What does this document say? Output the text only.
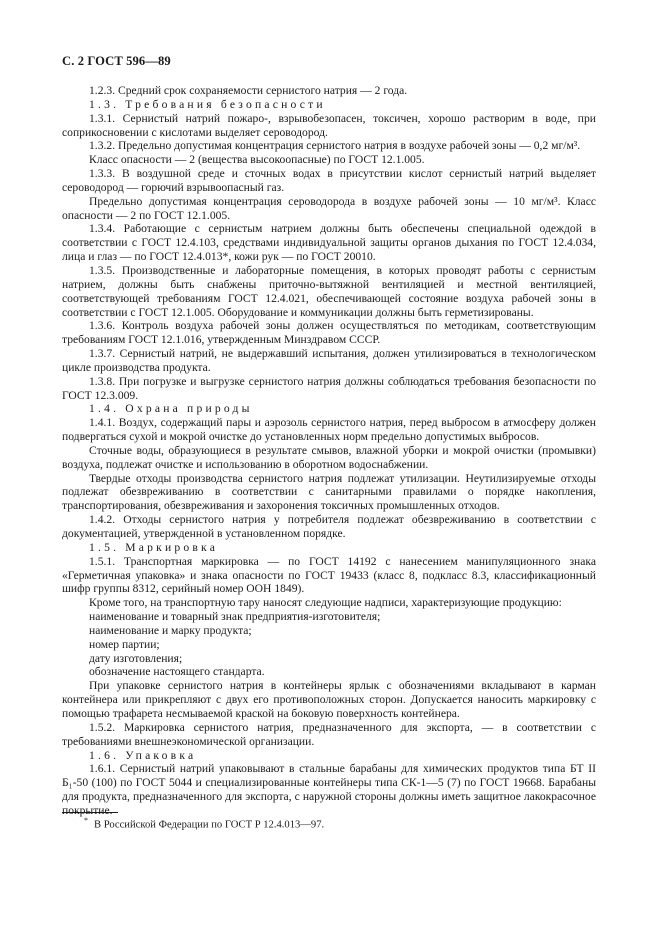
С. 2 ГОСТ 596—89

1.2.3. Средний срок сохраняемости сернистого натрия — 2 года.

1.3. Требования безопасности

1.3.1. Сернистый натрий пожаро-, взрывобезопасен, токсичен, хорошо растворим в воде, при соприкосновении с кислотами выделяет сероводород.

1.3.2. Предельно допустимая концентрация сернистого натрия в воздухе рабочей зоны — 0,2 мг/м³.

Класс опасности — 2 (вещества высокоопасные) по ГОСТ 12.1.005.

1.3.3. В воздушной среде и сточных водах в присутствии кислот сернистый натрий выделяет сероводород — горючий взрывоопасный газ.

Предельно допустимая концентрация сероводорода в воздухе рабочей зоны — 10 мг/м³. Класс опасности — 2 по ГОСТ 12.1.005.

1.3.4. Работающие с сернистым натрием должны быть обеспечены специальной одеждой в соответствии с ГОСТ 12.4.103, средствами индивидуальной защиты органов дыхания по ГОСТ 12.4.034, лица и глаз — по ГОСТ 12.4.013*, кожи рук — по ГОСТ 20010.

1.3.5. Производственные и лабораторные помещения, в которых проводят работы с сернистым натрием, должны быть снабжены приточно-вытяжной вентиляцией и местной вентиляцией, соответствующей требованиям ГОСТ 12.4.021, обеспечивающей состояние воздуха рабочей зоны в соответствии с ГОСТ 12.1.005. Оборудование и коммуникации должны быть герметизированы.

1.3.6. Контроль воздуха рабочей зоны должен осуществляться по методикам, соответствующим требованиям ГОСТ 12.1.016, утвержденным Минздравом СССР.

1.3.7. Сернистый натрий, не выдержавший испытания, должен утилизироваться в технологическом цикле производства продукта.

1.3.8. При погрузке и выгрузке сернистого натрия должны соблюдаться требования безопасности по ГОСТ 12.3.009.

1.4. Охрана природы

1.4.1. Воздух, содержащий пары и аэрозоль сернистого натрия, перед выбросом в атмосферу должен подвергаться сухой и мокрой очистке до установленных норм предельно допустимых выбросов.

Сточные воды, образующиеся в результате смывов, влажной уборки и мокрой очистки (промывки) воздуха, подлежат очистке и использованию в оборотном водоснабжении.

Твердые отходы производства сернистого натрия подлежат утилизации. Неутилизируемые отходы подлежат обезвреживанию в соответствии с санитарными правилами о порядке накопления, транспортирования, обезвреживания и захоронения токсичных промышленных отходов.

1.4.2. Отходы сернистого натрия у потребителя подлежат обезвреживанию в соответствии с документацией, утвержденной в установленном порядке.

1.5. Маркировка

1.5.1. Транспортная маркировка — по ГОСТ 14192 с нанесением манипуляционного знака «Герметичная упаковка» и знака опасности по ГОСТ 19433 (класс 8, подкласс 8.3, классификационный шифр группы 8312, серийный номер ООН 1849).

Кроме того, на транспортную тару наносят следующие надписи, характеризующие продукцию:

наименование и товарный знак предприятия-изготовителя;

наименование и марку продукта;

номер партии;

дату изготовления;

обозначение настоящего стандарта.

При упаковке сернистого натрия в контейнеры ярлык с обозначениями вкладывают в карман контейнера или прикрепляют с двух его противоположных сторон. Допускается наносить маркировку с помощью трафарета несмываемой краской на боковую поверхность контейнера.

1.5.2. Маркировка сернистого натрия, предназначенного для экспорта, — в соответствии с требованиями внешнеэкономической организации.

1.6. Упаковка

1.6.1. Сернистый натрий упаковывают в стальные барабаны для химических продуктов типа БТ II Б₁-50 (100) по ГОСТ 5044 и специализированные контейнеры типа СК-1—5 (7) по ГОСТ 19668. Барабаны для продукта, предназначенного для экспорта, с наружной стороны должны иметь защитное лакокрасочное покрытие.

* В Российской Федерации по ГОСТ Р 12.4.013—97.
